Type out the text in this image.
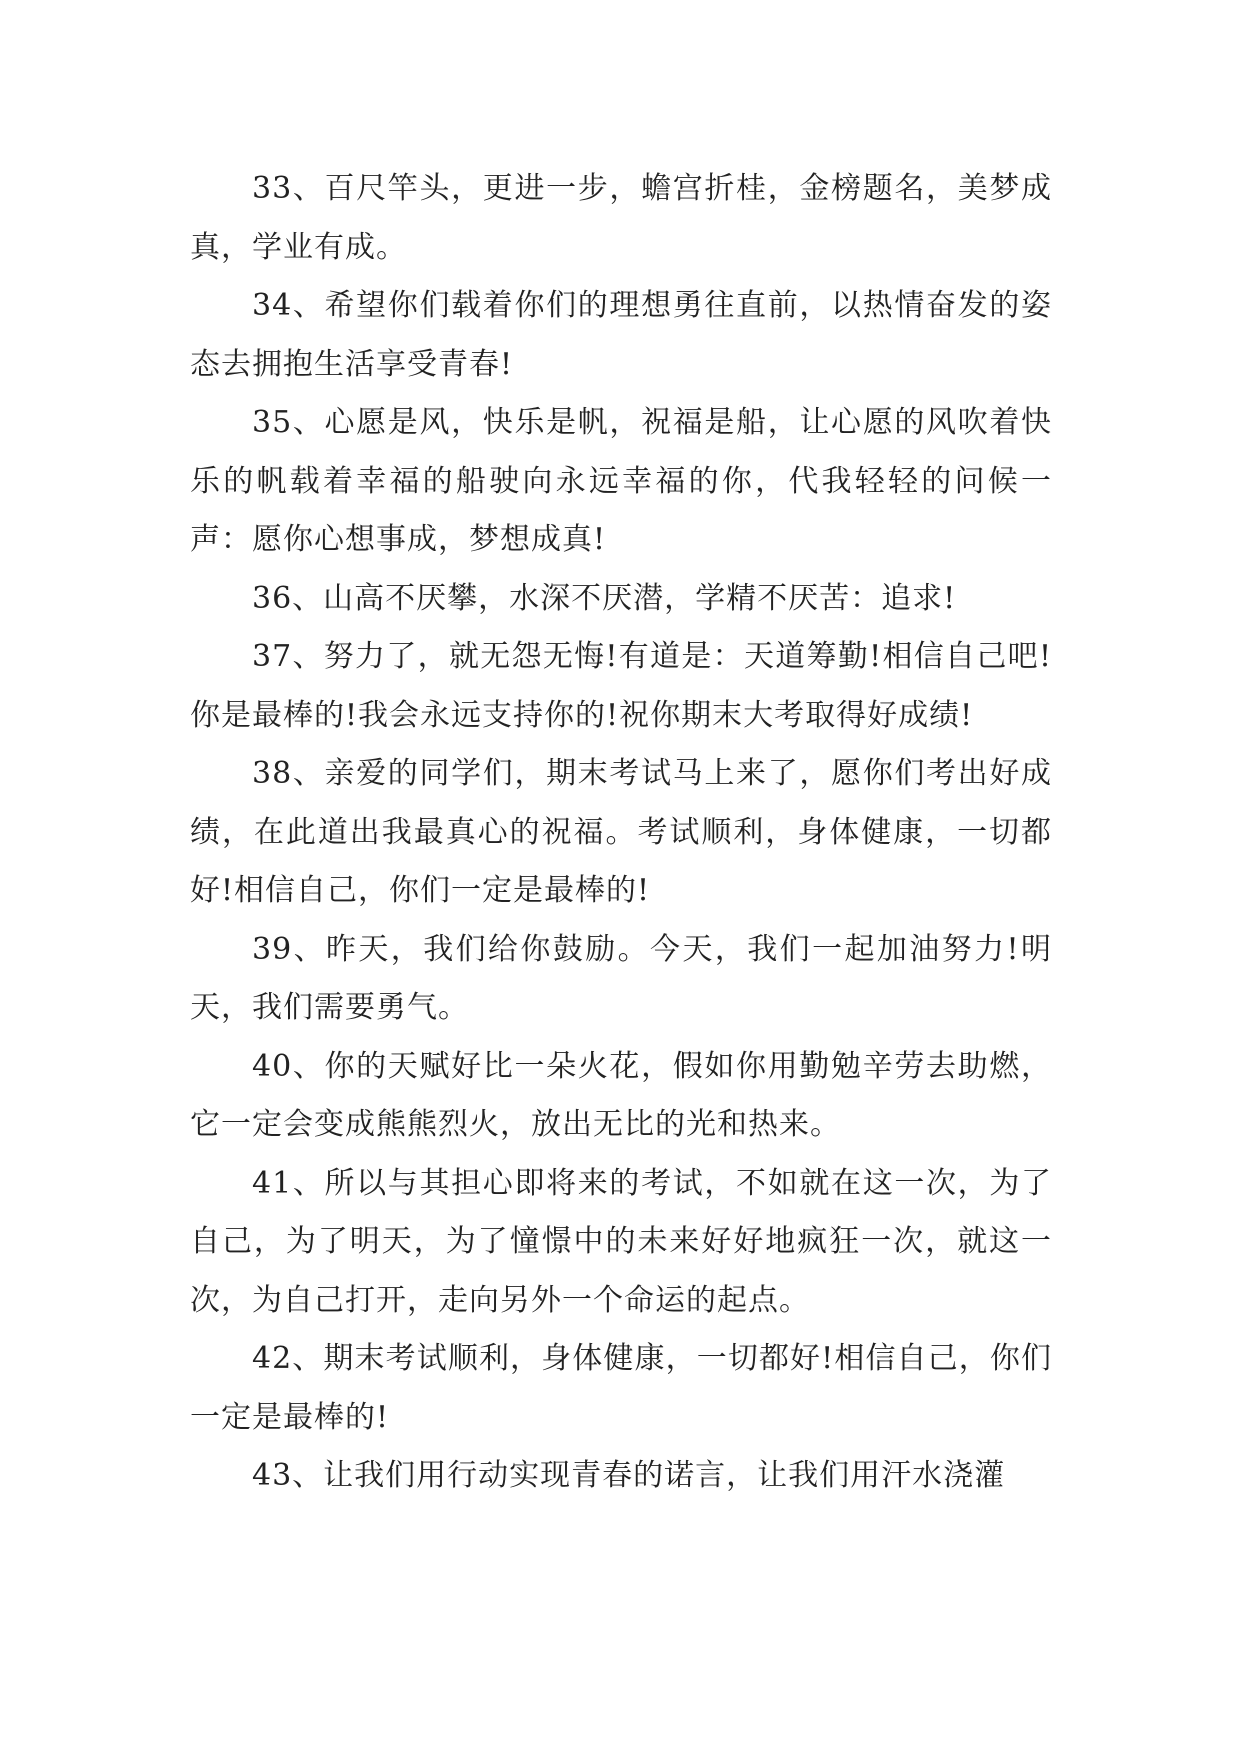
33、百尺竿头，更进一步，蟾宫折桂，金榜题名，美梦成真，学业有成。

34、希望你们载着你们的理想勇往直前，以热情奋发的姿态去拥抱生活享受青春!

35、心愿是风，快乐是帆，祝福是船，让心愿的风吹着快乐的帆载着幸福的船驶向永远幸福的你，代我轻轻的问候一声：愿你心想事成，梦想成真!

36、山高不厌攀，水深不厌潜，学精不厌苦：追求!

37、努力了，就无怨无悔!有道是：天道筹勤!相信自己吧!你是最棒的!我会永远支持你的!祝你期末大考取得好成绩!

38、亲爱的同学们，期末考试马上来了，愿你们考出好成绩，在此道出我最真心的祝福。考试顺利，身体健康，一切都好!相信自己，你们一定是最棒的!

39、昨天，我们给你鼓励。今天，我们一起加油努力!明天，我们需要勇气。

40、你的天赋好比一朵火花，假如你用勤勉辛劳去助燃，它一定会变成熊熊烈火，放出无比的光和热来。

41、所以与其担心即将来的考试，不如就在这一次，为了自己，为了明天，为了憧憬中的未来好好地疯狂一次，就这一次，为自己打开，走向另外一个命运的起点。

42、期末考试顺利，身体健康，一切都好!相信自己，你们一定是最棒的!

43、让我们用行动实现青春的诺言，让我们用汗水浇灌
